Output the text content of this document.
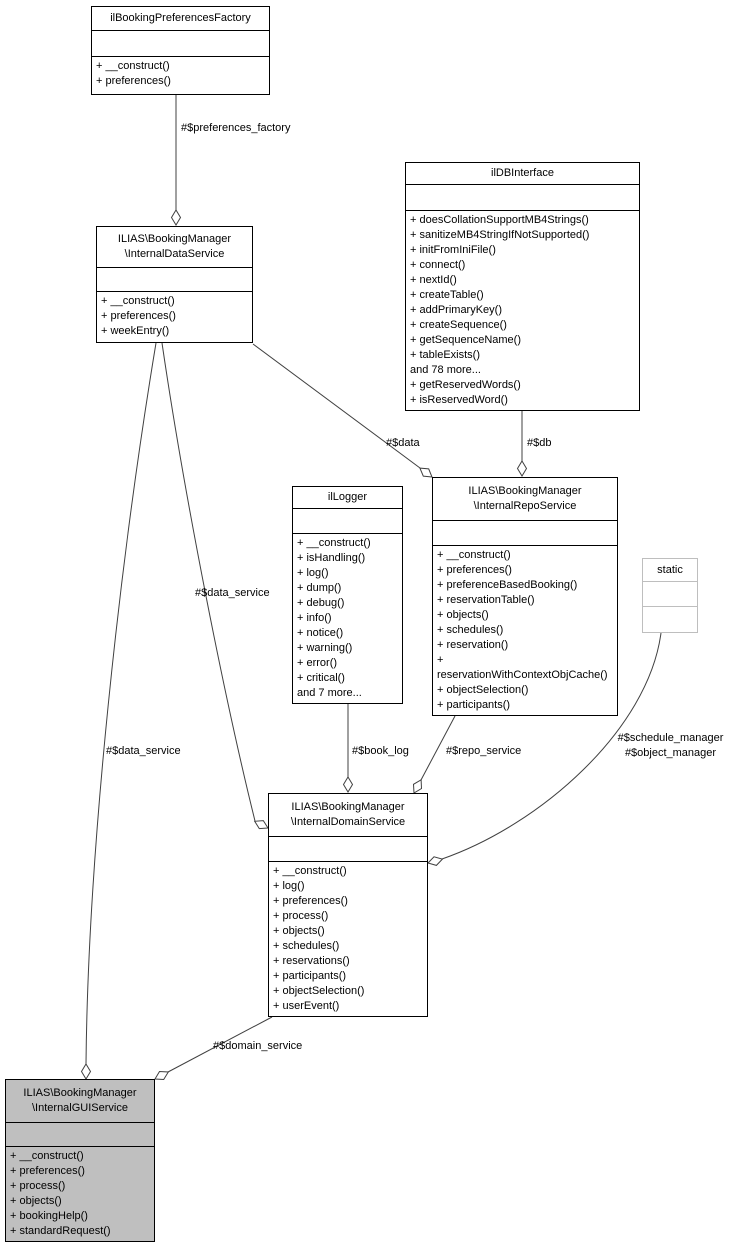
ilBookingPreferencesFactory
+ __construct()
+ preferences()
ILIAS\BookingManager
\InternalDataService
+ __construct()
+ preferences()
+ weekEntry()
ilDBInterface
+ doesCollationSupportMB4Strings()
+ sanitizeMB4StringIfNotSupported()
+ initFromIniFile()
+ connect()
+ nextId()
+ createTable()
+ addPrimaryKey()
+ createSequence()
+ getSequenceName()
+ tableExists()
and 78 more...
+ getReservedWords()
+ isReservedWord()
ilLogger
+ __construct()
+ isHandling()
+ log()
+ dump()
+ debug()
+ info()
+ notice()
+ warning()
+ error()
+ critical()
and 7 more...
ILIAS\BookingManager
\InternalRepoService
+ __construct()
+ preferences()
+ preferenceBasedBooking()
+ reservationTable()
+ objects()
+ schedules()
+ reservation()
+ reservationWithContextObjCache()
+ objectSelection()
+ participants()
static
ILIAS\BookingManager
\InternalDomainService
+ __construct()
+ log()
+ preferences()
+ process()
+ objects()
+ schedules()
+ reservations()
+ participants()
+ objectSelection()
+ userEvent()
ILIAS\BookingManager
\InternalGUIService
+ __construct()
+ preferences()
+ process()
+ objects()
+ bookingHelp()
+ standardRequest()
#$preferences_factory
#$data	#$db
#$data_service
#$data_service	#$book_log	#$repo_service
#$schedule_manager
#$object_manager
#$domain_service
